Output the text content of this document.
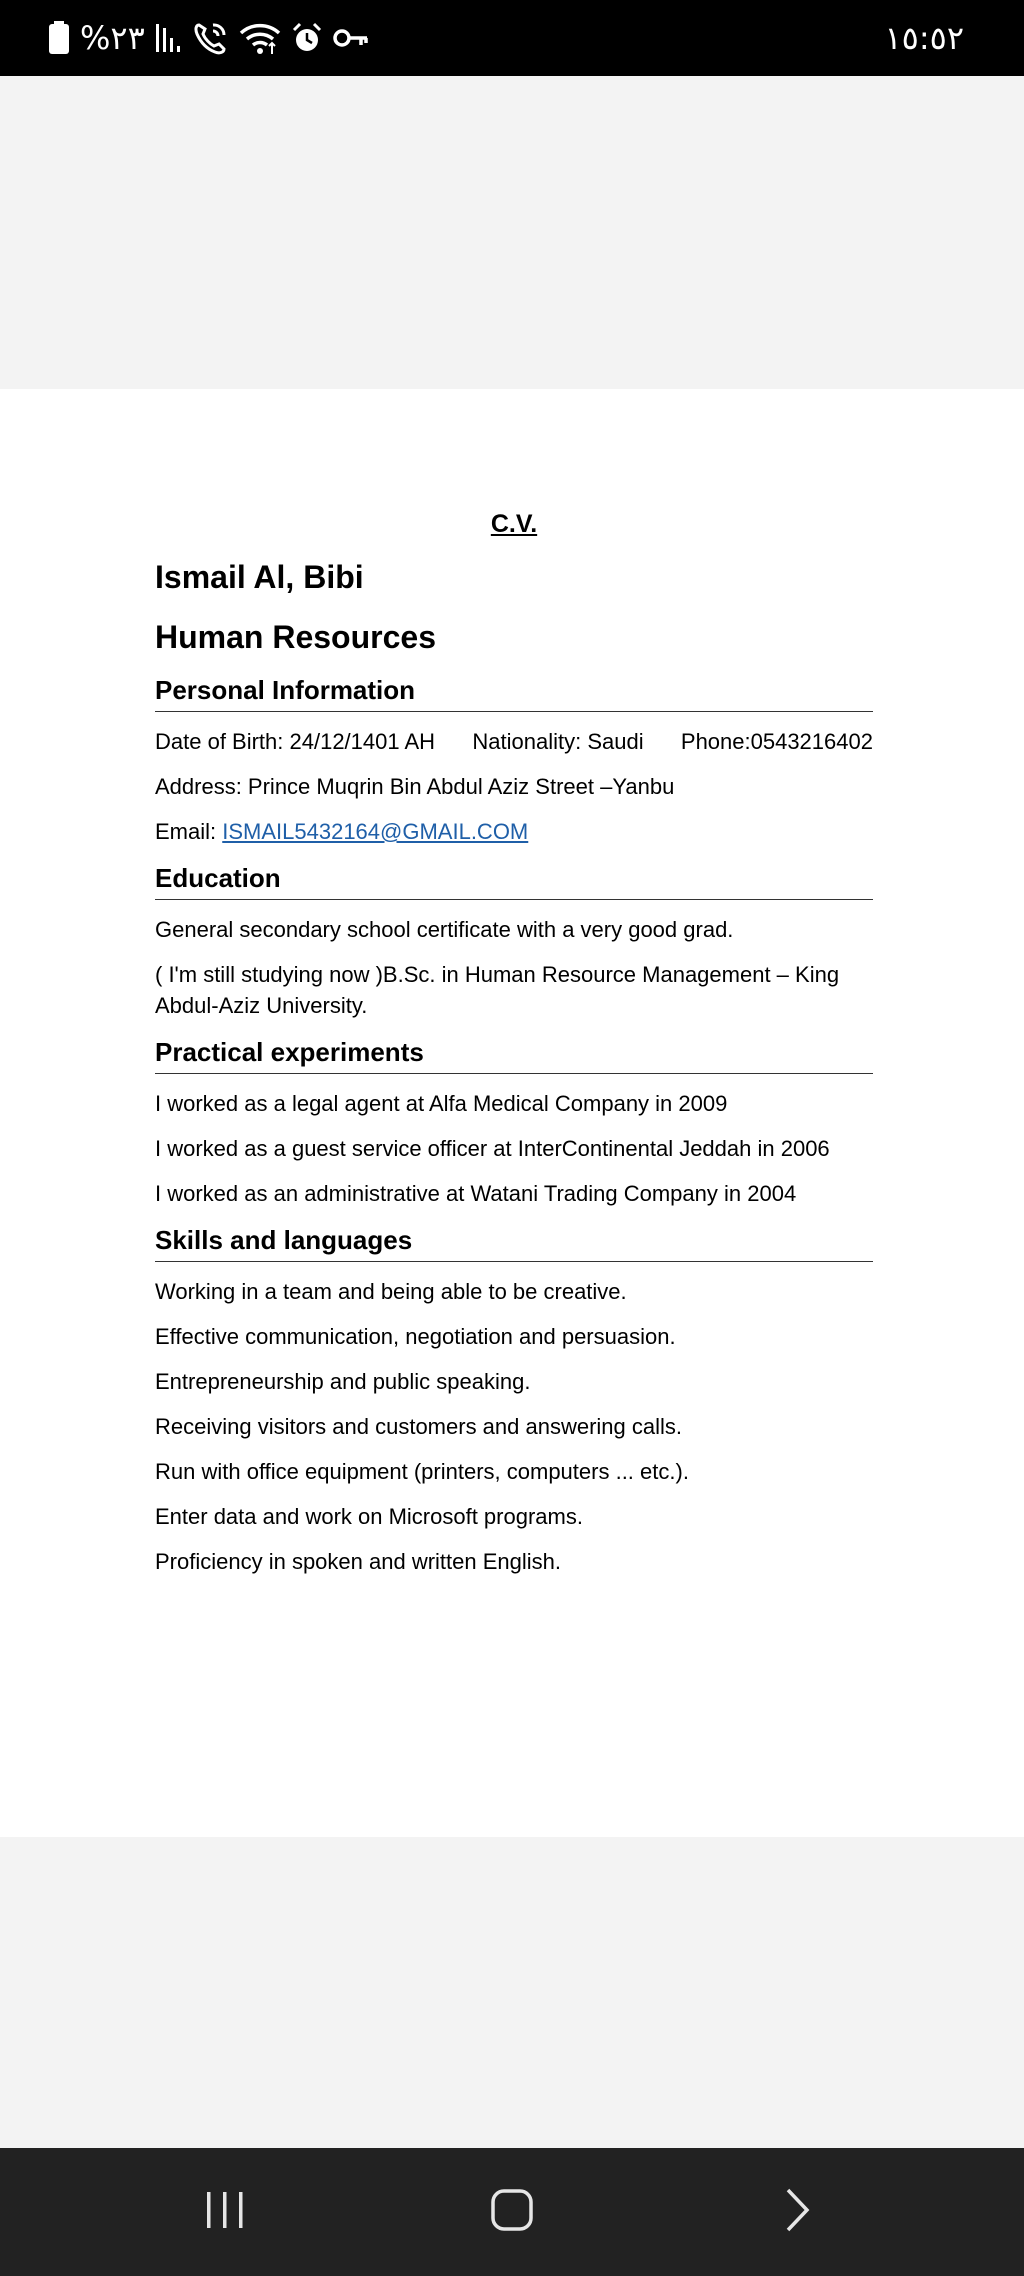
%٢٣	١٥:٥٢
C.V.
Ismail Al, Bibi
Human Resources
Personal Information
Date of Birth: 24/12/1401 AH Nationality: Saudi Phone:0543216402
Address: Prince Muqrin Bin Abdul Aziz Street –Yanbu
Email: ISMAIL5432164@GMAIL.COM
Education
General secondary school certificate with a very good grad.
( I'm still studying now )B.Sc. in Human Resource Management – King Abdul-Aziz University.
Practical experiments
I worked as a legal agent at Alfa Medical Company in 2009
I worked as a guest service officer at InterContinental Jeddah in 2006
I worked as an administrative at Watani Trading Company in 2004
Skills and languages
Working in a team and being able to be creative.
Effective communication, negotiation and persuasion.
Entrepreneurship and public speaking.
Receiving visitors and customers and answering calls.
Run with office equipment (printers, computers ... etc.).
Enter data and work on Microsoft programs.
Proficiency in spoken and written English.
